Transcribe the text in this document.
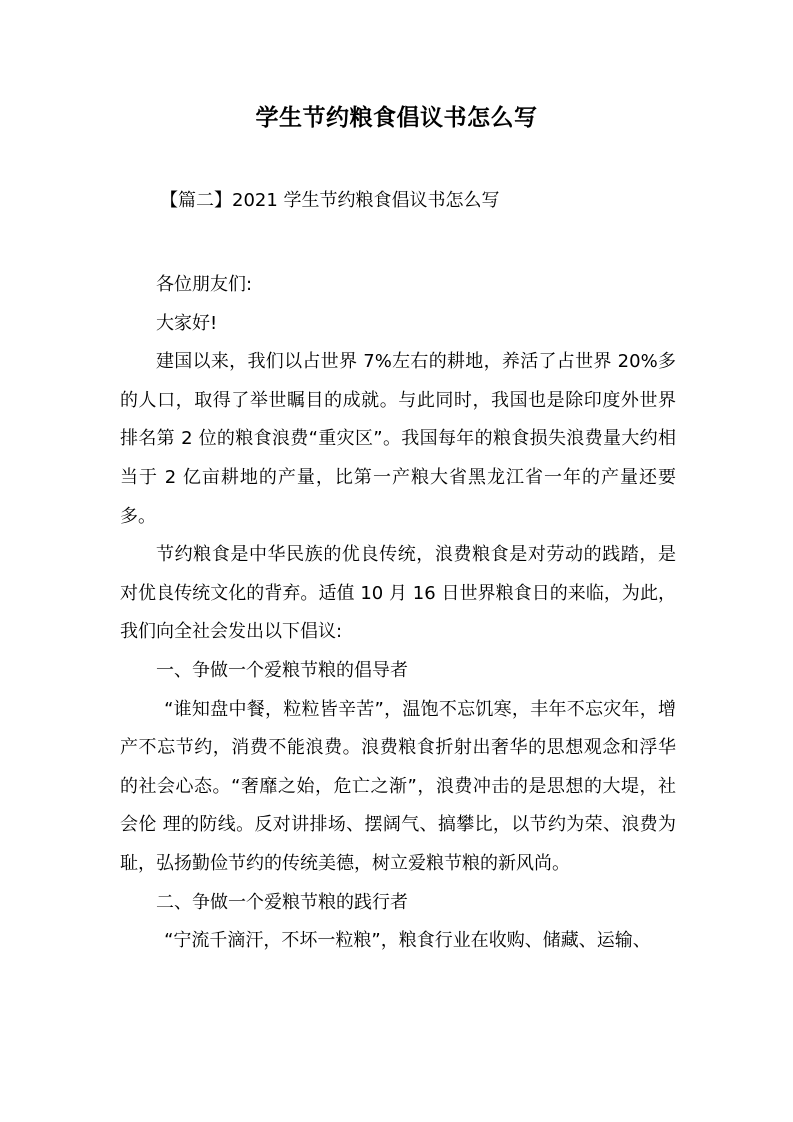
学生节约粮食倡议书怎么写
【篇二】2021 学生节约粮食倡议书怎么写

各位朋友们:

大家好!

建国以来，我们以占世界 7%左右的耕地，养活了占世界 20%多的人口，取得了举世瞩目的成就。与此同时，我国也是除印度外世界排名第 2 位的粮食浪费“重灾区”。我国每年的粮食损失浪费量大约相当于 2 亿亩耕地的产量，比第一产粮大省黑龙江省一年的产量还要多。

节约粮食是中华民族的优良传统，浪费粮食是对劳动的践踏，是对优良传统文化的背弃。适值 10 月 16 日世界粮食日的来临，为此，我们向全社会发出以下倡议:

一、争做一个爱粮节粮的倡导者

“谁知盘中餐，粒粒皆辛苦”，温饱不忘饥寒，丰年不忘灾年，增产不忘节约，消费不能浪费。浪费粮食折射出奢华的思想观念和浮华的社会心态。“奢靡之始，危亡之渐”，浪费冲击的是思想的大堤，社会伦 理的防线。反对讲排场、摆阔气、搞攀比，以节约为荣、浪费为耻，弘扬勤俭节约的传统美德，树立爱粮节粮的新风尚。

二、争做一个爱粮节粮的践行者

“宁流千滴汗，不坏一粒粮”，粮食行业在收购、储藏、运输、
